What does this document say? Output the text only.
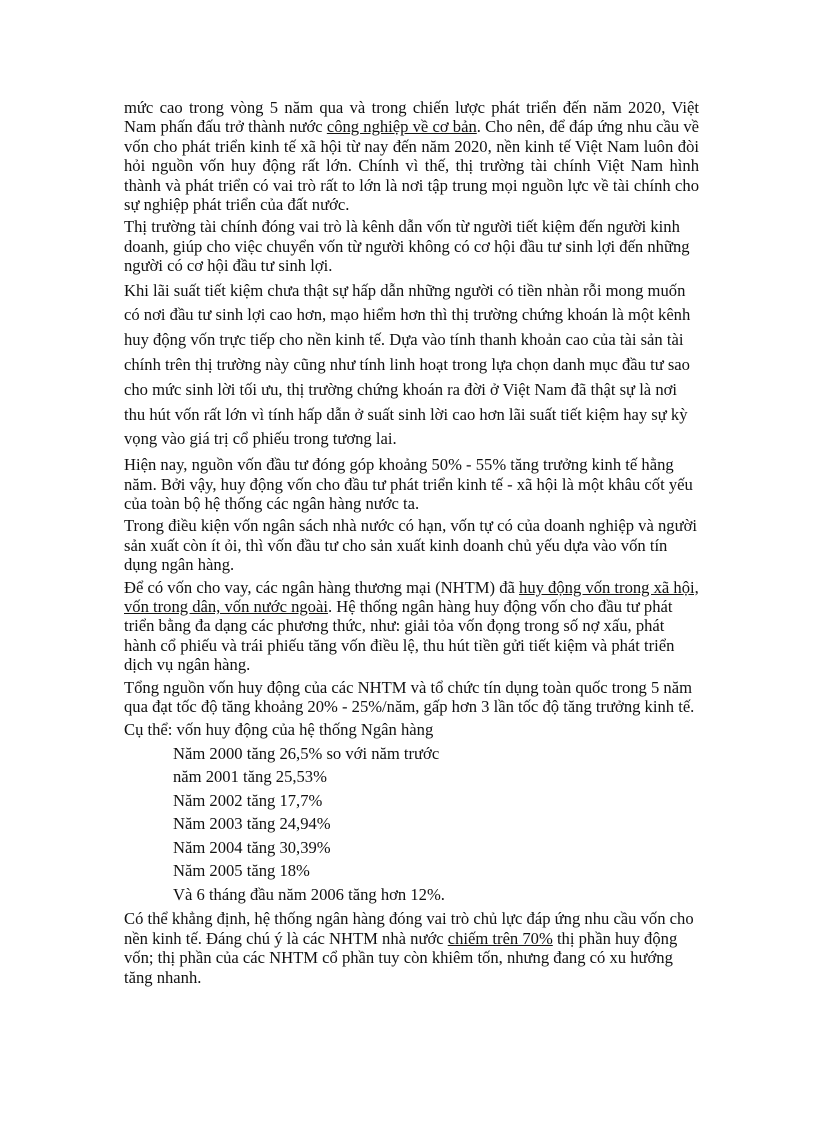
mức cao trong vòng 5 năm qua và trong chiến lược phát triển đến năm 2020, Việt Nam phấn đấu trở thành nước công nghiệp về cơ bản. Cho nên, để đáp ứng nhu cầu về vốn cho phát triển kinh tế xã hội từ nay đến năm 2020, nền kinh tế Việt Nam luôn đòi hỏi nguồn vốn huy động rất lớn. Chính vì thế, thị trường tài chính Việt Nam hình thành và phát triển có vai trò rất to lớn là nơi tập trung mọi nguồn lực về tài chính cho sự nghiệp phát triển của đất nước.

Thị trường tài chính đóng vai trò là kênh dẫn vốn từ người tiết kiệm đến người kinh doanh, giúp cho việc chuyển vốn từ người không có cơ hội đầu tư sinh lợi đến những người có cơ hội đầu tư sinh lợi.

Khi lãi suất tiết kiệm chưa thật sự hấp dẫn những người có tiền nhàn rỗi mong muốn có nơi đầu tư sinh lợi cao hơn, mạo hiểm hơn thì thị trường chứng khoán là một kênh huy động vốn trực tiếp cho nền kinh tế. Dựa vào tính thanh khoản cao của tài sản tài chính trên thị trường này cũng như tính linh hoạt trong lựa chọn danh mục đầu tư sao cho mức sinh lời tối ưu, thị trường chứng khoán ra đời ở Việt Nam đã thật sự là nơi thu hút vốn rất lớn vì tính hấp dẫn ở suất sinh lời cao hơn lãi suất tiết kiệm hay sự kỳ vọng vào giá trị cổ phiếu trong tương lai.

Hiện nay, nguồn vốn đầu tư đóng góp khoảng 50% - 55% tăng trưởng kinh tế hằng năm. Bởi vậy, huy động vốn cho đầu tư phát triển kinh tế - xã hội là một khâu cốt yếu của toàn bộ hệ thống các ngân hàng nước ta.

Trong điều kiện vốn ngân sách nhà nước có hạn, vốn tự có của doanh nghiệp và người sản xuất còn ít ỏi, thì vốn đầu tư cho sản xuất kinh doanh chủ yếu dựa vào vốn tín dụng ngân hàng.

Để có vốn cho vay, các ngân hàng thương mại (NHTM) đã huy động vốn trong xã hội, vốn trong dân, vốn nước ngoài. Hệ thống ngân hàng huy động vốn cho đầu tư phát triển bằng đa dạng các phương thức, như: giải tỏa vốn đọng trong số nợ xấu, phát hành cổ phiếu và trái phiếu tăng vốn điều lệ, thu hút tiền gửi tiết kiệm và phát triển dịch vụ ngân hàng.

Tổng nguồn vốn huy động của các NHTM và tổ chức tín dụng toàn quốc trong 5 năm qua đạt tốc độ tăng khoảng 20% - 25%/năm, gấp hơn 3 lần tốc độ tăng trưởng kinh tế.

Cụ thể: vốn huy động của hệ thống Ngân hàng

Năm 2000 tăng 26,5% so với năm trước
năm 2001 tăng 25,53%
Năm 2002 tăng 17,7%
Năm 2003 tăng 24,94%
Năm 2004 tăng 30,39%
Năm 2005 tăng 18%
Và 6 tháng đầu năm 2006 tăng hơn 12%.

Có thể khẳng định, hệ thống ngân hàng đóng vai trò chủ lực đáp ứng nhu cầu vốn cho nền kinh tế. Đáng chú ý là các NHTM nhà nước chiếm trên 70% thị phần huy động vốn; thị phần của các NHTM cổ phần tuy còn khiêm tốn, nhưng đang có xu hướng tăng nhanh.
